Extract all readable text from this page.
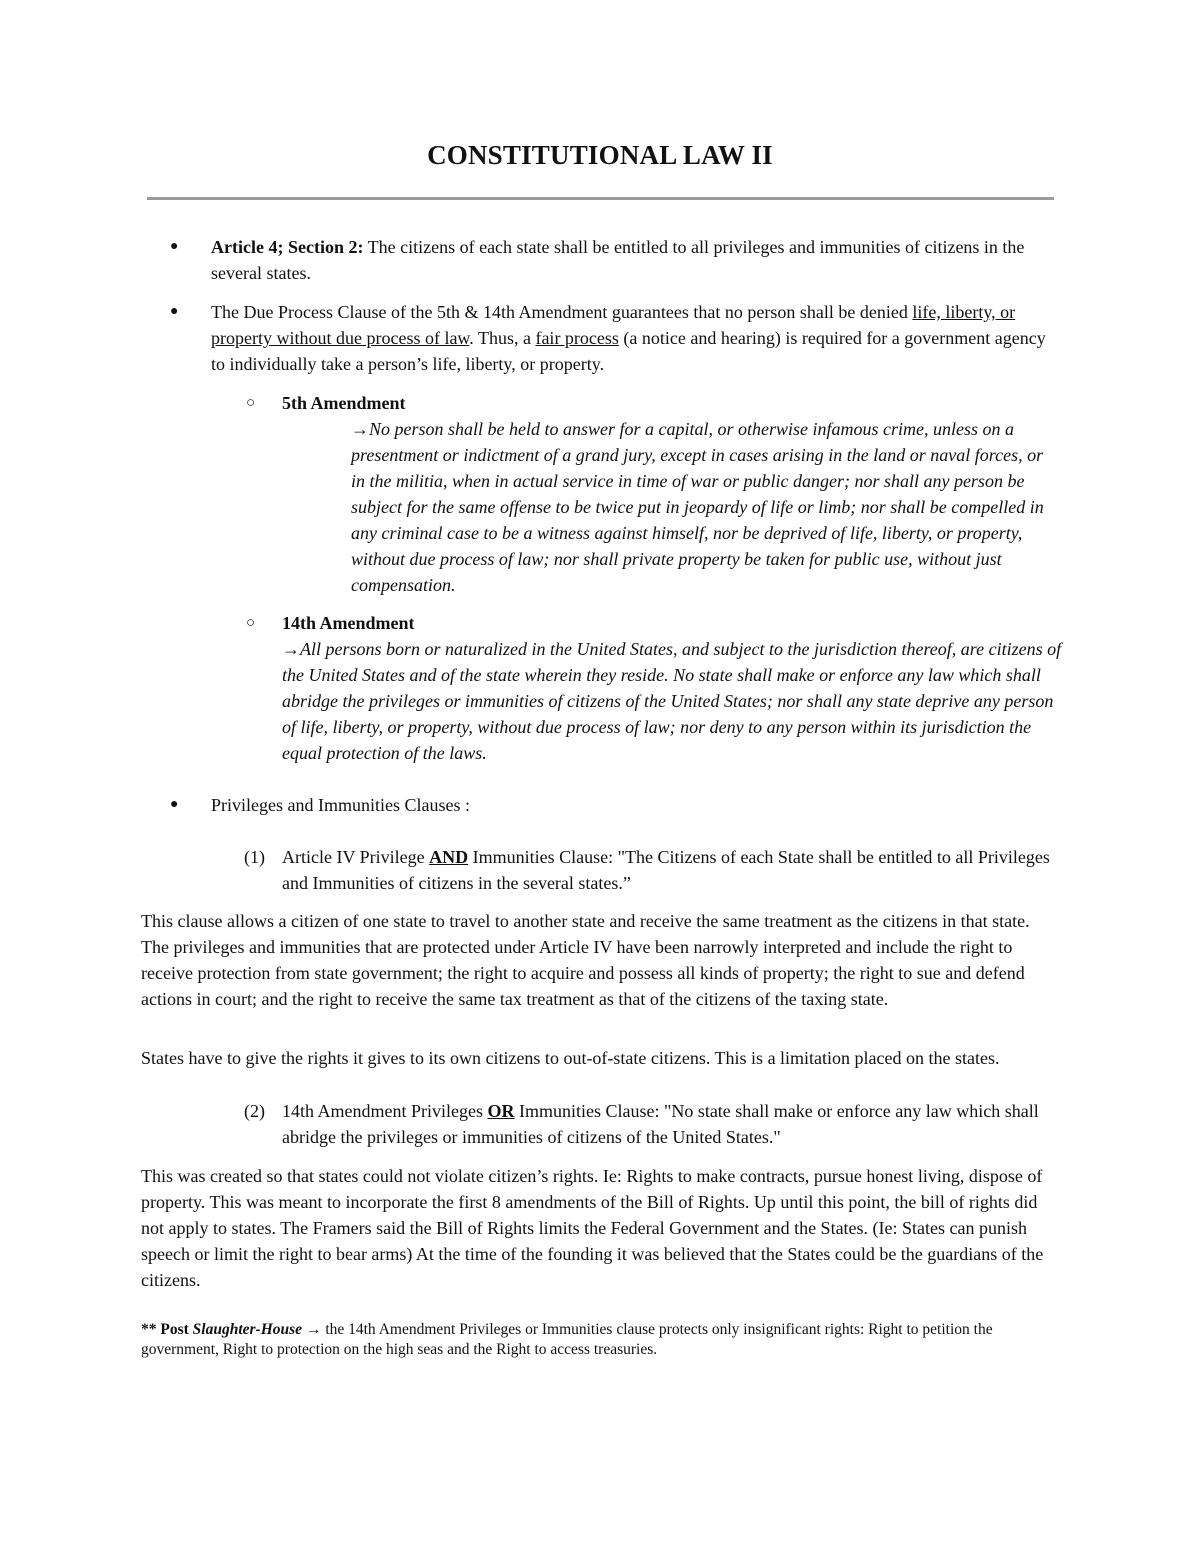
CONSTITUTIONAL LAW II
● Article 4; Section 2: The citizens of each state shall be entitled to all privileges and immunities of citizens in the several states.

● The Due Process Clause of the 5th & 14th Amendment guarantees that no person shall be denied life, liberty, or property without due process of law. Thus, a fair process (a notice and hearing) is required for a government agency to individually take a person’s life, liberty, or property.

○ 5th Amendment

→No person shall be held to answer for a capital, or otherwise infamous crime, unless on a presentment or indictment of a grand jury, except in cases arising in the land or naval forces, or in the militia, when in actual service in time of war or public danger; nor shall any person be subject for the same offense to be twice put in jeopardy of life or limb; nor shall be compelled in any criminal case to be a witness against himself, nor be deprived of life, liberty, or property, without due process of law; nor shall private property be taken for public use, without just compensation.

○ 14th Amendment

→All persons born or naturalized in the United States, and subject to the jurisdiction thereof, are citizens of the United States and of the state wherein they reside. No state shall make or enforce any law which shall abridge the privileges or immunities of citizens of the United States; nor shall any state deprive any person of life, liberty, or property, without due process of law; nor deny to any person within its jurisdiction the equal protection of the laws.

● Privileges and Immunities Clauses :

(1) Article IV Privilege AND Immunities Clause: "The Citizens of each State shall be entitled to all Privileges and Immunities of citizens in the several states.”

This clause allows a citizen of one state to travel to another state and receive the same treatment as the citizens in that state. The privileges and immunities that are protected under Article IV have been narrowly interpreted and include the right to receive protection from state government; the right to acquire and possess all kinds of property; the right to sue and defend actions in court; and the right to receive the same tax treatment as that of the citizens of the taxing state.

States have to give the rights it gives to its own citizens to out-of-state citizens. This is a limitation placed on the states.

(2) 14th Amendment Privileges OR Immunities Clause: "No state shall make or enforce any law which shall abridge the privileges or immunities of citizens of the United States."

This was created so that states could not violate citizen’s rights. Ie: Rights to make contracts, pursue honest living, dispose of property. This was meant to incorporate the first 8 amendments of the Bill of Rights. Up until this point, the bill of rights did not apply to states. The Framers said the Bill of Rights limits the Federal Government and the States. (Ie: States can punish speech or limit the right to bear arms) At the time of the founding it was believed that the States could be the guardians of the citizens.

** Post Slaughter-House → the 14th Amendment Privileges or Immunities clause protects only insignificant rights: Right to petition the government, Right to protection on the high seas and the Right to access treasuries.
